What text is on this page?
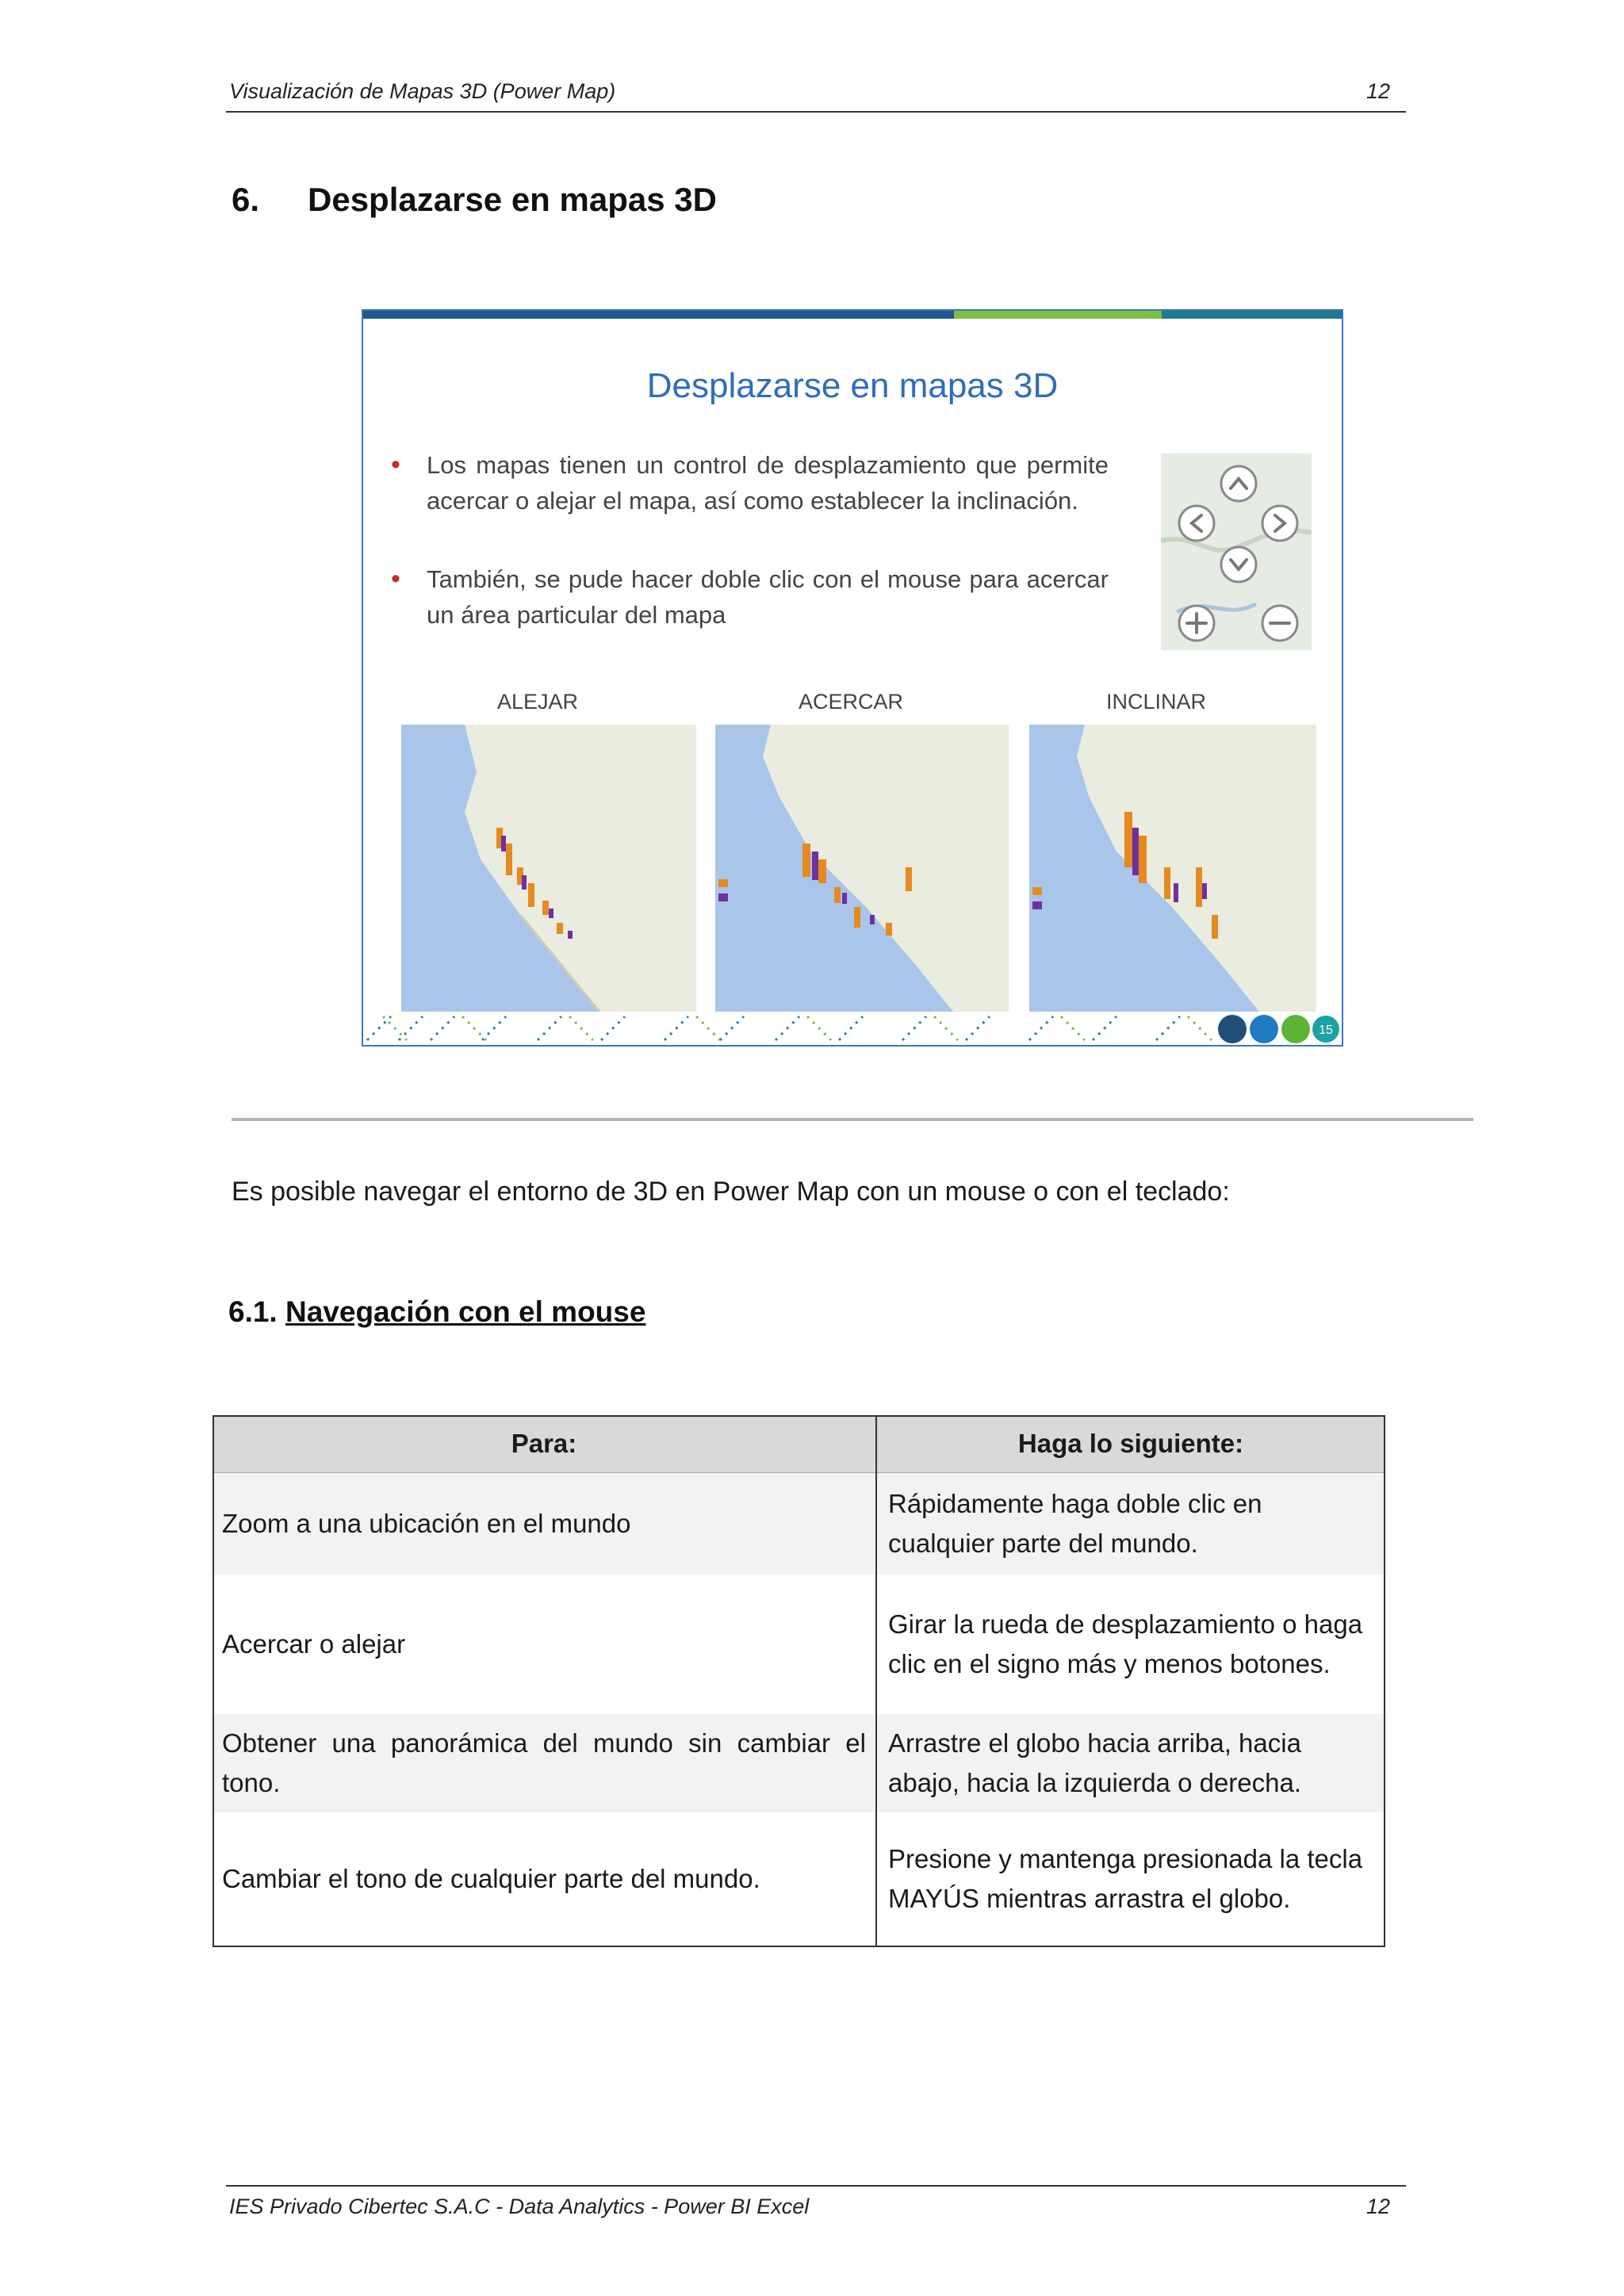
Visualización de Mapas 3D (Power Map)	12
6. Desplazarse en mapas 3D
Desplazarse en mapas 3D
• Los mapas tienen un control de desplazamiento que permite acercar o alejar el mapa, así como establecer la inclinación.
• También, se pude hacer doble clic con el mouse para acercar un área particular del mapa
ALEJAR	ACERCAR	INCLINAR
15
Es posible navegar el entorno de 3D en Power Map con un mouse o con el teclado:
6.1. Navegación con el mouse
Para:	Haga lo siguiente:
Zoom a una ubicación en el mundo	Rápidamente haga doble clic en cualquier parte del mundo.
Acercar o alejar	Girar la rueda de desplazamiento o haga clic en el signo más y menos botones.
Obtener una panorámica del mundo sin cambiar el tono.	Arrastre el globo hacia arriba, hacia abajo, hacia la izquierda o derecha.
Cambiar el tono de cualquier parte del mundo.	Presione y mantenga presionada la tecla MAYÚS mientras arrastra el globo.
IES Privado Cibertec S.A.C - Data Analytics - Power BI Excel	12
